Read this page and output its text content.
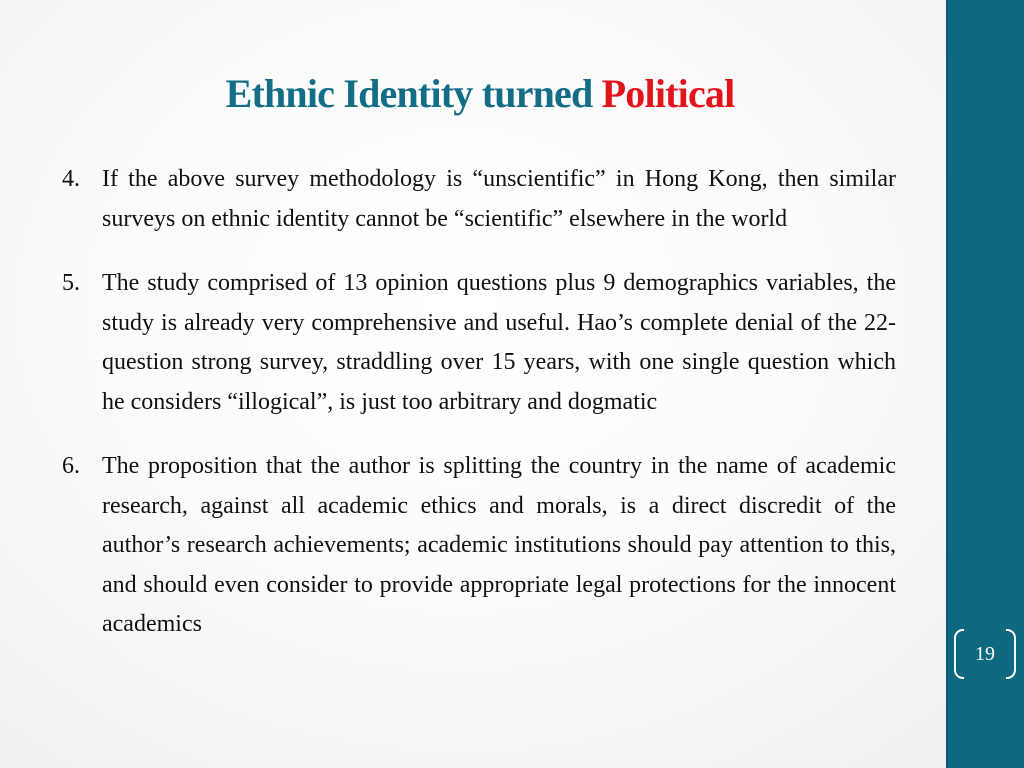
Ethnic Identity turned Political
4. If the above survey methodology is “unscientific” in Hong Kong, then similar surveys on ethnic identity cannot be “scientific” elsewhere in the world
5. The study comprised of 13 opinion questions plus 9 demographics variables, the study is already very comprehensive and useful. Hao’s complete denial of the 22-question strong survey, straddling over 15 years, with one single question which he considers “illogical”, is just too arbitrary and dogmatic
6. The proposition that the author is splitting the country in the name of academic research, against all academic ethics and morals, is a direct discredit of the author’s research achievements; academic institutions should pay attention to this, and should even consider to provide appropriate legal protections for the innocent academics
19
